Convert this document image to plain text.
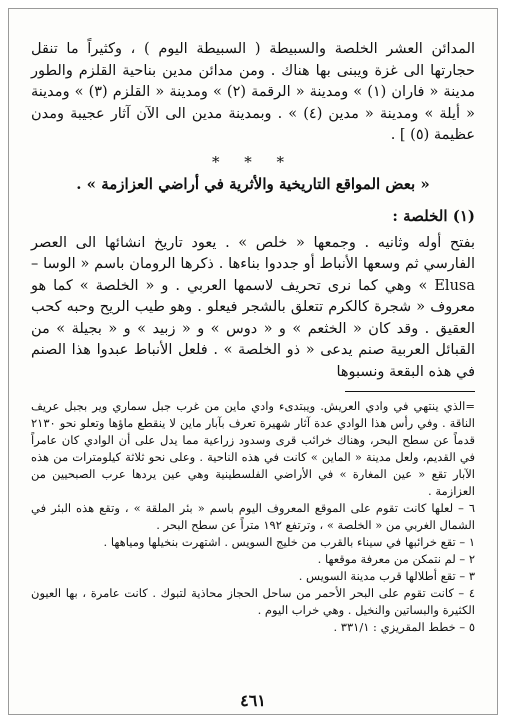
المدائن العشر الخلصة والسبيطة ( السبيطة اليوم ) ، وكثيراً ما تنقل حجارتها الى غزة ويبنى بها هناك . ومن مدائن مدين بناحية القلزم والطور مدينة « فاران (١) » ومدينة « الرقمة (٢) » ومدينة « القلزم (٣) » ومدينة « أيلة » ومدينة « مدين (٤) » . وبمدينة مدين الى الآن آثار عجيبة ومدن عظيمة (٥) ] .

* * *
« بعض المواقع التاريخية والأثرية في أراضي العزازمة » .
(١) الخلصة :

بفتح أوله وثانيه . وجمعها « خلص » . يعود تاريخ انشائها الى العصر الفارسي ثم وسعها الأنباط أو جددوا بناءها . ذكرها الرومان باسم « الوسا – Elusa » وهي كما نرى تحريف لاسمها العربي . و « الخلصة » كما هو معروف « شجرة كالكرم تتعلق بالشجر فيعلو . وهو طيب الريح وحبه كحب العقيق . وقد كان « الخثعم » و « دوس » و « زبيد » و « بجيلة » من القبائل العربية صنم يدعى « ذو الخلصة » . فلعل الأنباط عبدوا هذا الصنم في هذه البقعة ونسبوها

=الذي ينتهي في وادي العريش. ويبتدىء وادي ماين من غرب جبل سماري وير بجبل عريف الناقة . وفي رأس هذا الوادي عدة آثار شهيرة تعرف بآبار ماين لا ينقطع ماؤها وتعلو نحو ٢١٣٠ قدماً عن سطح البحر، وهناك خرائب قرى وسدود زراعية مما يدل على أن الوادي كان عامراً في القديم، ولعل مدينة « الماين » كانت في هذه الناحية . وعلى نحو ثلاثة كيلومترات من هذه الآبار تقع « عين المغارة » في الأراضي الفلسطينية وهي عين يردها عرب الصبحيين من العزازمة .

٦ – لعلها كانت تقوم على الموقع المعروف اليوم باسم « بئر الملقة » ، وتقع هذه البئر في الشمال الغربي من « الخلصة » ، وترتفع ١٩٢ متراً عن سطح البحر .

١ – تقع خرائبها في سيناء بالقرب من خليج السويس . اشتهرت بنخيلها ومياهها .

٢ – لم نتمكن من معرفة موقعها .

٣ – تقع أطلالها قرب مدينة السويس .

٤ – كانت تقوم على البحر الأحمر من ساحل الحجاز محاذية لتبوك . كانت عامرة ، بها العيون الكثيرة والبساتين والنخيل . وهي خراب اليوم .

٥ – خطط المقريزي : ٣٣١/١ .

٤٦١
